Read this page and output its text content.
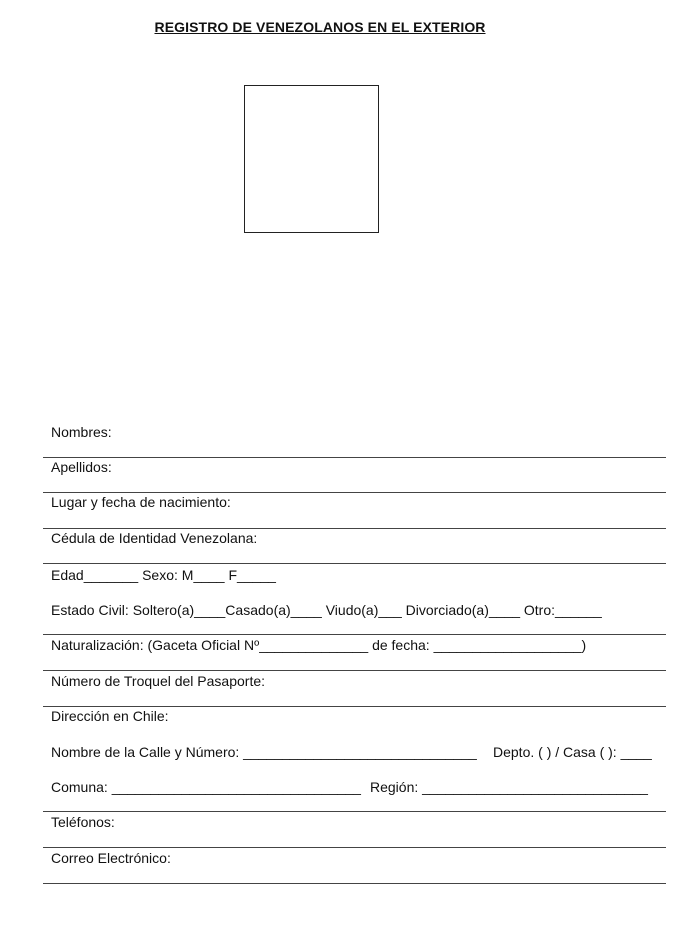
REGISTRO DE VENEZOLANOS EN EL EXTERIOR
Nombres:
Apellidos:
Lugar y fecha de nacimiento:
Cédula de Identidad Venezolana:
Edad_______ Sexo: M____ F_____
Estado Civil: Soltero(a)____Casado(a)____ Viudo(a)___ Divorciado(a)____ Otro:______
Naturalización: (Gaceta Oficial Nº______________ de fecha: ___________________)
Número de Troquel del Pasaporte:
Dirección en Chile:
Nombre de la Calle y Número: ______________________________ Depto. ( ) / Casa ( ): ____
Comuna: ________________________________ Región: _____________________________
Teléfonos:
Correo Electrónico:
